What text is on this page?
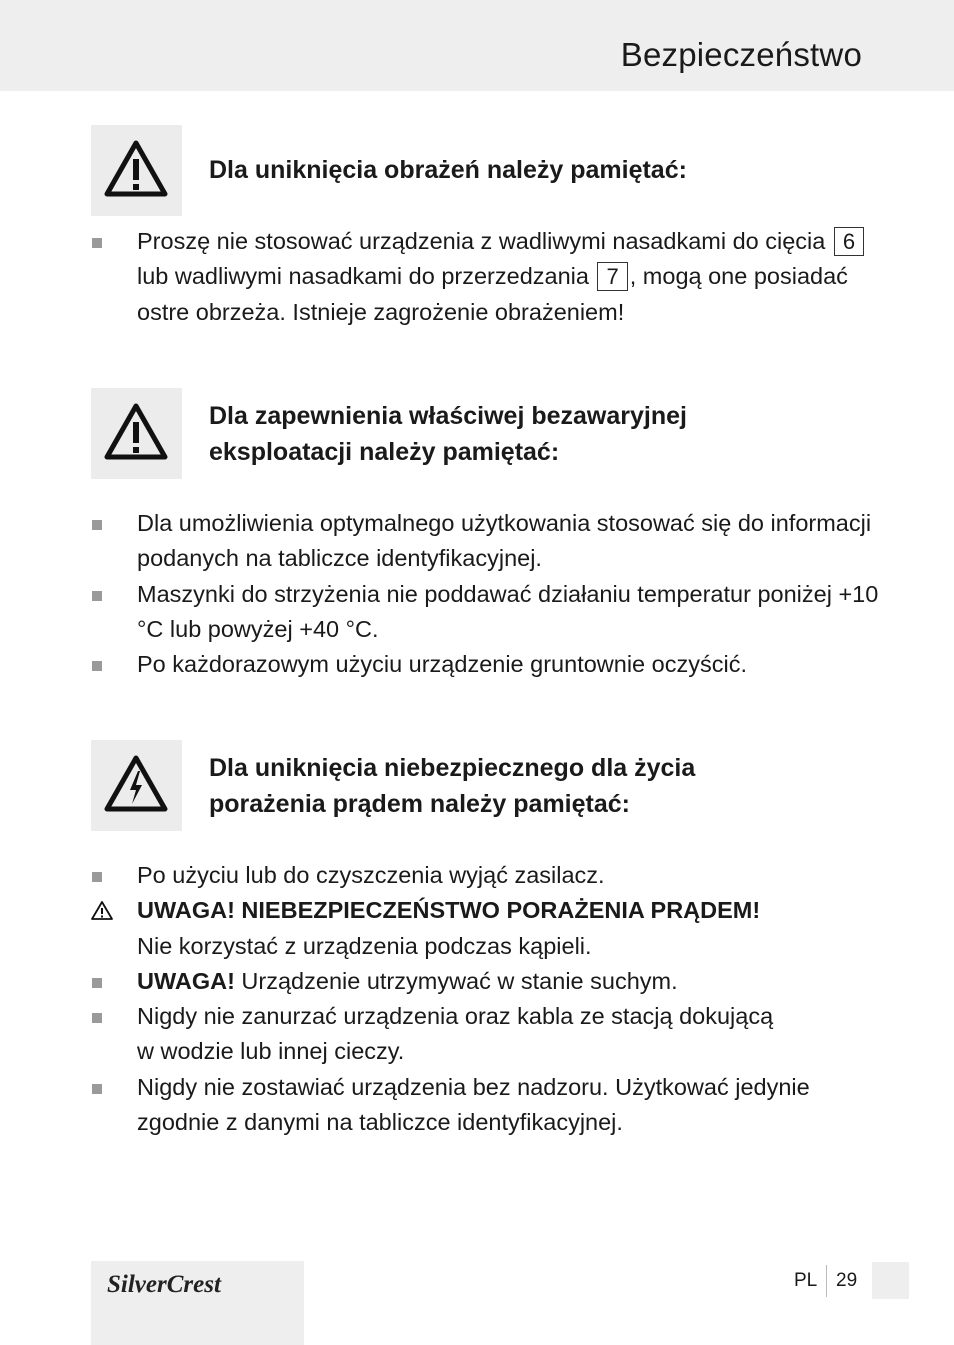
Bezpieczeństwo
Dla uniknięcia obrażeń należy pamiętać:
Proszę nie stosować urządzenia z wadliwymi nasadkami do cięcia 6 lub wadliwymi nasadkami do przerzedzania 7 , mogą one posiadać ostre obrzeża. Istnieje zagrożenie obrażeniem!
Dla zapewnienia właściwej bezawaryjnej
eksploatacji należy pamiętać:
Dla umożliwienia optymalnego użytkowania stosować się do informacji podanych na tabliczce identyfikacyjnej.
Maszynki do strzyżenia nie poddawać działaniu temperatur poniżej +10 °C lub powyżej +40 °C.
Po każdorazowym użyciu urządzenie gruntownie oczyścić.
Dla uniknięcia niebezpiecznego dla życia
porażenia prądem należy pamiętać:
Po użyciu lub do czyszczenia wyjąć zasilacz.
UWAGA! NIEBEZPIECZEŃSTWO PORAŻENIA PRĄDEM!
Nie korzystać z urządzenia podczas kąpieli.
UWAGA! Urządzenie utrzymywać w stanie suchym.
Nigdy nie zanurzać urządzenia oraz kabla ze stacją dokującą
w wodzie lub innej cieczy.
Nigdy nie zostawiać urządzenia bez nadzoru. Użytkować jedynie zgodnie z danymi na tabliczce identyfikacyjnej.
SilverCrest	PL 29
